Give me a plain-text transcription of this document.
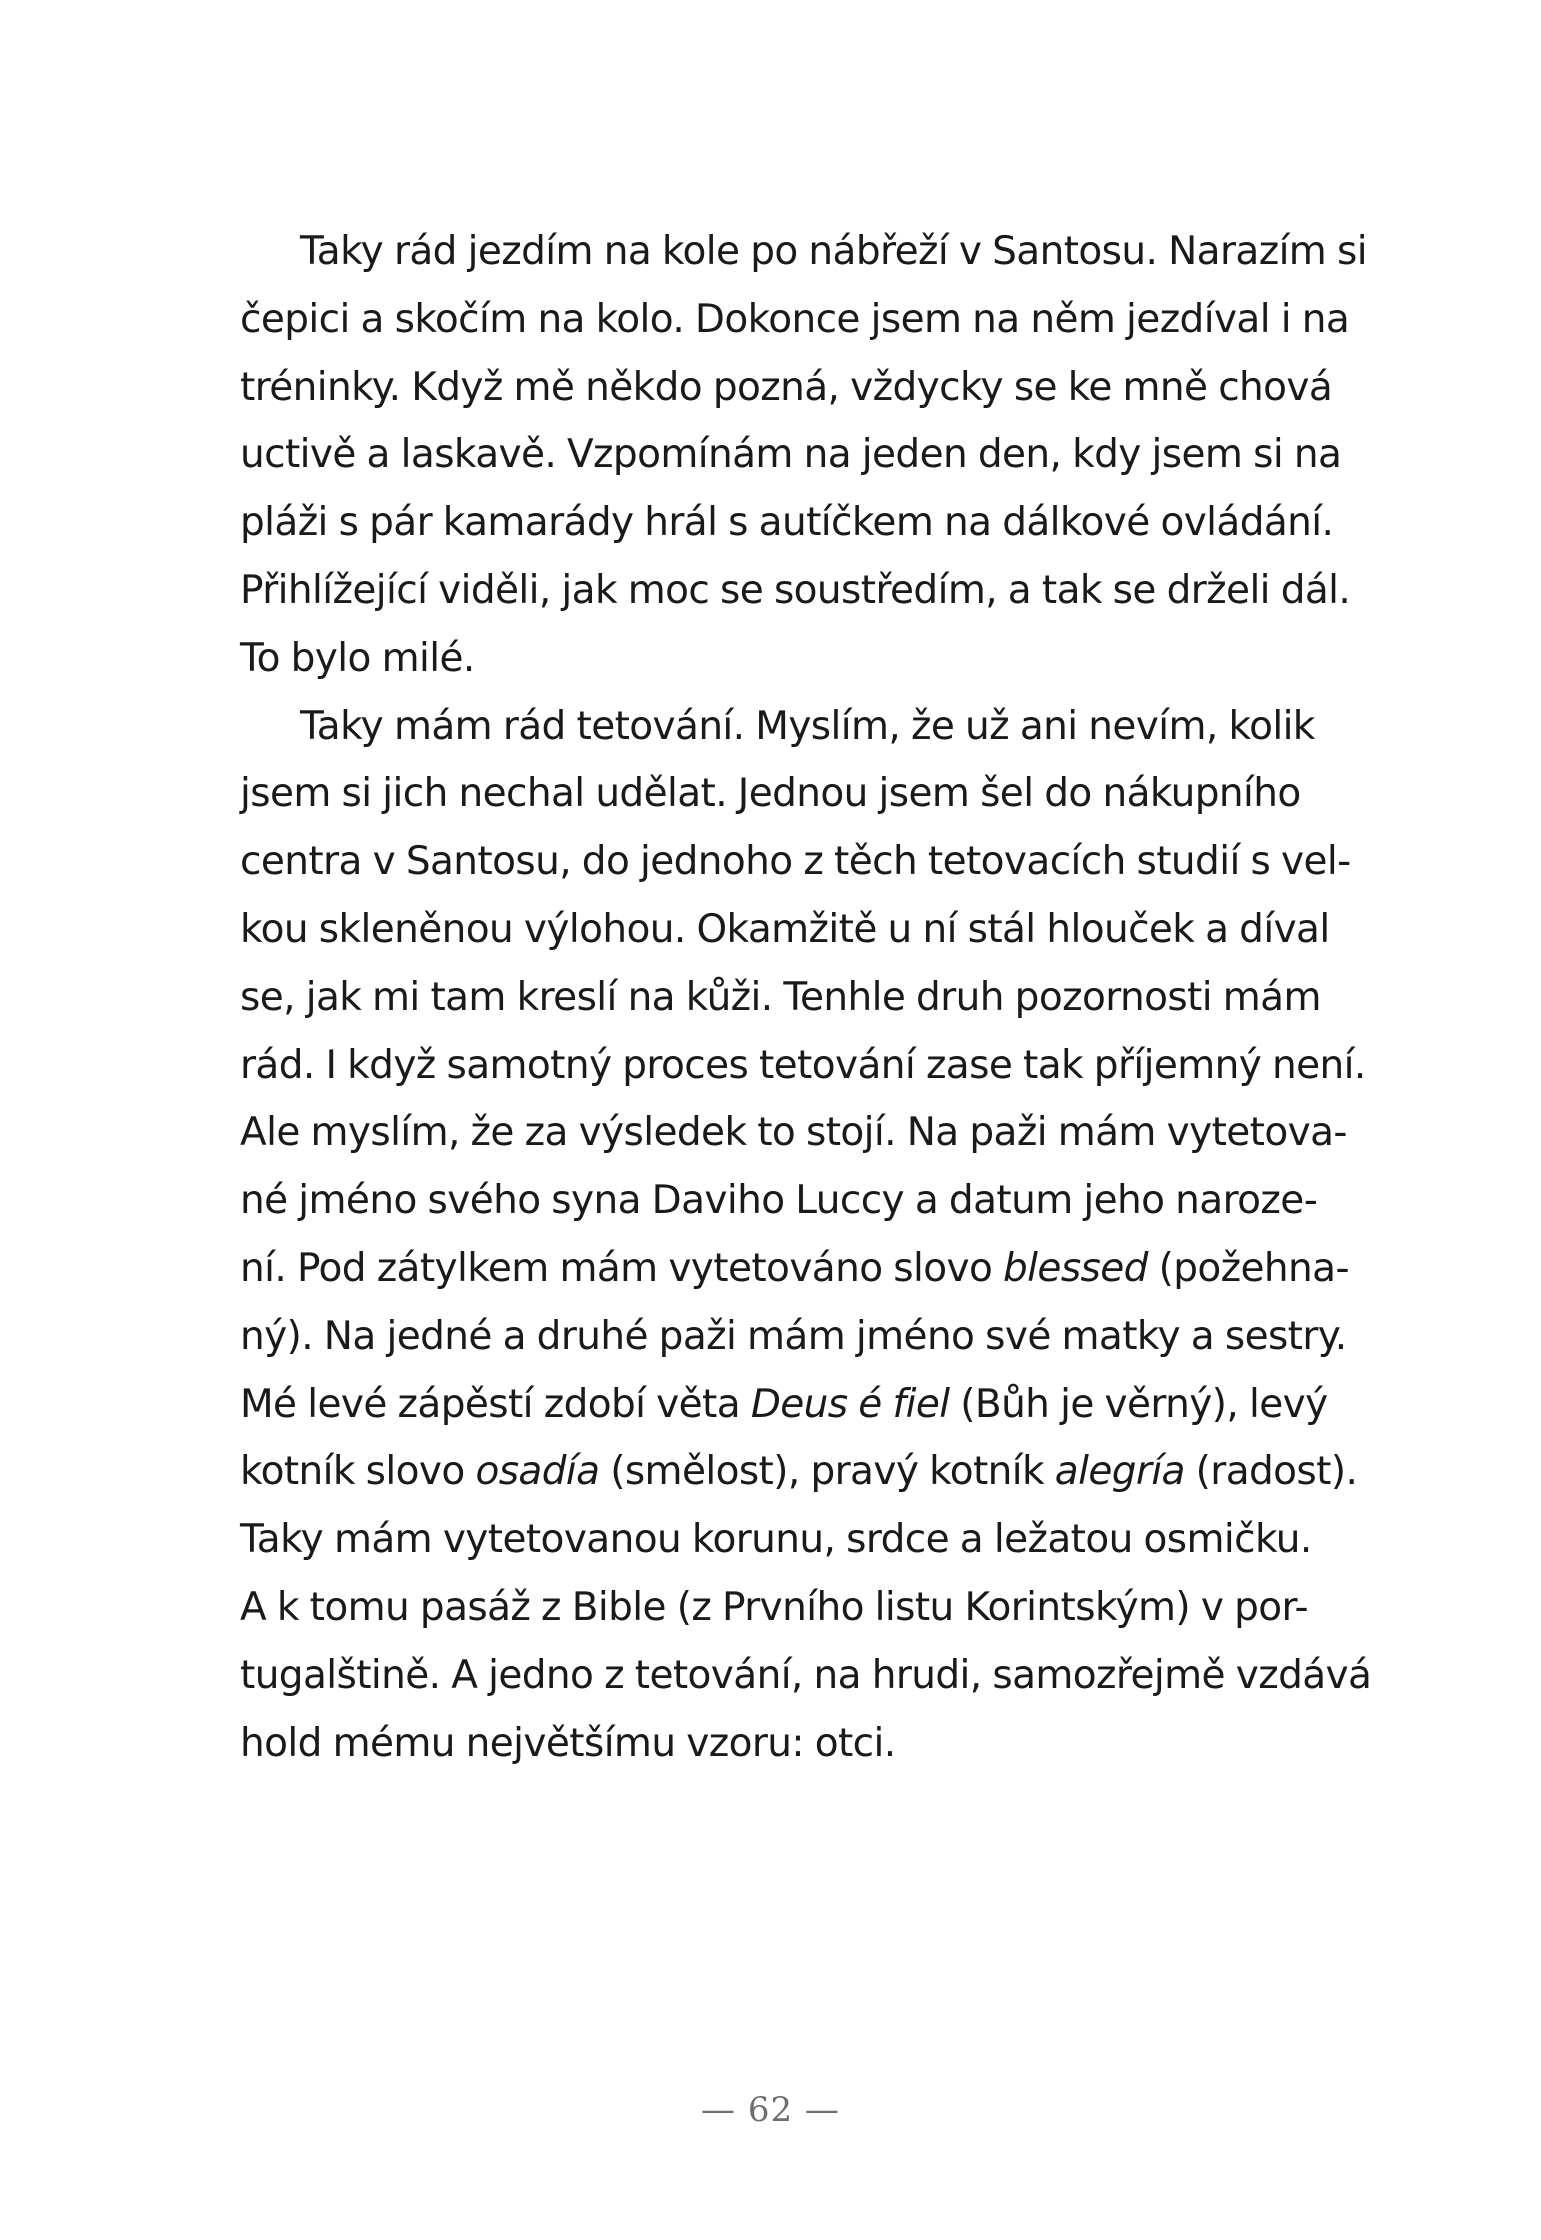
Taky rád jezdím na kole po nábřeží v Santosu. Narazím si
čepici a skočím na kolo. Dokonce jsem na něm jezdíval i na
tréninky. Když mě někdo pozná, vždycky se ke mně chová
uctivě a laskavě. Vzpomínám na jeden den, kdy jsem si na
pláži s pár kamarády hrál s autíčkem na dálkové ovládání.
Přihlížející viděli, jak moc se soustředím, a tak se drželi dál.
To bylo milé.
Taky mám rád tetování. Myslím, že už ani nevím, kolik
jsem si jich nechal udělat. Jednou jsem šel do nákupního
centra v Santosu, do jednoho z těch tetovacích studií s vel-
kou skleněnou výlohou. Okamžitě u ní stál hlouček a díval
se, jak mi tam kreslí na kůži. Tenhle druh pozornosti mám
rád. I když samotný proces tetování zase tak příjemný není.
Ale myslím, že za výsledek to stojí. Na paži mám vytetova-
né jméno svého syna Daviho Luccy a datum jeho naroze-
ní. Pod zátylkem mám vytetováno slovo blessed (požehna-
ný). Na jedné a druhé paži mám jméno své matky a sestry.
Mé levé zápěstí zdobí věta Deus é fiel (Bůh je věrný), levý
kotník slovo osadía (smělost), pravý kotník alegría (radost).
Taky mám vytetovanou korunu, srdce a ležatou osmičku.
A k tomu pasáž z Bible (z Prvního listu Korintským) v por-
tugalštině. A jedno z tetování, na hrudi, samozřejmě vzdává
hold mému největšímu vzoru: otci.
— 62 —
